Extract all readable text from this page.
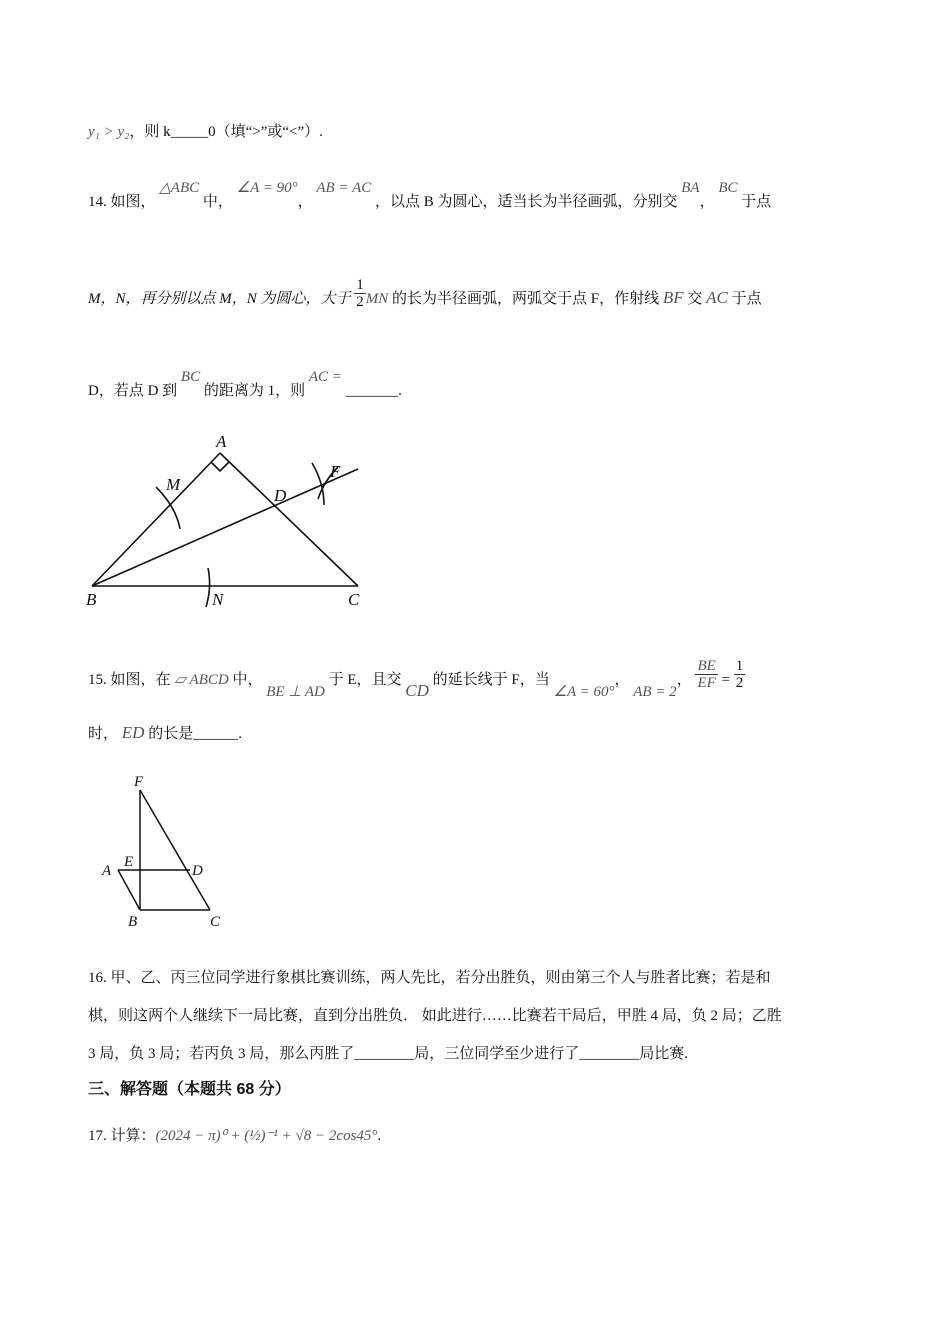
y₁ > y₂，则 k_____0（填“>”或“<”）.
14. 如图， △ABC 中， ∠A = 90°， AB = AC ，以点 B 为圆心，适当长为半径画弧，分别交 BA， BC 于点
M，N，再分别以点 M，N 为圆心，大于 $\frac{1}{2}$ MN 的长为半径画弧，两弧交于点 F，作射线 BF 交 AC 于点
D，若点 D 到 BC 的距离为 1，则 AC = _______.
A
M
D
F
B	N	C
15. 如图，在 ▱ ABCD 中， BE ⊥ AD 于 E，且交 CD 的延长线于 F，当 ∠A = 60°， AB = 2， $\frac{BE}{EF} = \frac{1}{2}$
时， ED 的长是______.
F
A
E
D
B	C
16. 甲、乙、丙三位同学进行象棋比赛训练，两人先比，若分出胜负，则由第三个人与胜者比赛；若是和
棋，则这两个人继续下一局比赛，直到分出胜负． 如此进行……比赛若干局后，甲胜 4 局，负 2 局；乙胜
3 局，负 3 局；若丙负 3 局，那么丙胜了________局，三位同学至少进行了________局比赛.
三、解答题（本题共 68 分）
17. 计算：(2024 − π)⁰ + (½)⁻¹ + √8 − 2cos45°.
